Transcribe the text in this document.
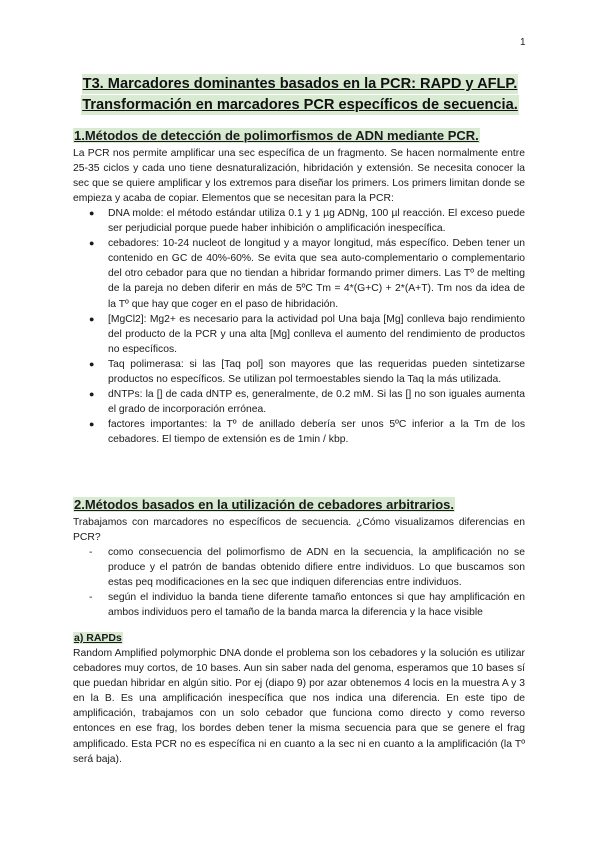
1
T3. Marcadores dominantes basados en la PCR: RAPD y AFLP.
Transformación en marcadores PCR específicos de secuencia.
1.Métodos de detección de polimorfismos de ADN mediante PCR.

La PCR nos permite amplificar una sec específica de un fragmento. Se hacen normalmente entre 25-35 ciclos y cada uno tiene desnaturalización, hibridación y extensión. Se necesita conocer la sec que se quiere amplificar y los extremos para diseñar los primers. Los primers limitan donde se empieza y acaba de copiar. Elementos que se necesitan para la PCR:

● DNA molde: el método estándar utiliza 0.1 y 1 µg ADNg, 100 µl reacción. El exceso puede ser perjudicial porque puede haber inhibición o amplificación inespecífica.
● cebadores: 10-24 nucleot de longitud y a mayor longitud, más específico. Deben tener un contenido en GC de 40%-60%. Se evita que sea auto-complementario o complementario del otro cebador para que no tiendan a hibridar formando primer dimers. Las Tº de melting de la pareja no deben diferir en más de 5ºC Tm = 4*(G+C) + 2*(A+T). Tm nos da idea de la Tº que hay que coger en el paso de hibridación.
● [MgCl2]: Mg2+ es necesario para la actividad pol Una baja [Mg] conlleva bajo rendimiento del producto de la PCR y una alta [Mg] conlleva el aumento del rendimiento de productos no específicos.
● Taq polimerasa: si las [Taq pol] son mayores que las requeridas pueden sintetizarse productos no específicos. Se utilizan pol termoestables siendo la Taq la más utilizada.
● dNTPs: la [] de cada dNTP es, generalmente, de 0.2 mM. Si las [] no son iguales aumenta el grado de incorporación errónea.
● factores importantes: la Tº de anillado debería ser unos 5ºC inferior a la Tm de los cebadores. El tiempo de extensión es de 1min / kbp.
2.Métodos basados en la utilización de cebadores arbitrarios.

Trabajamos con marcadores no específicos de secuencia. ¿Cómo visualizamos diferencias en PCR?

- como consecuencia del polimorfismo de ADN en la secuencia, la amplificación no se produce y el patrón de bandas obtenido difiere entre individuos. Lo que buscamos son estas peq modificaciones en la sec que indiquen diferencias entre individuos.
- según el individuo la banda tiene diferente tamaño entonces si que hay amplificación en ambos individuos pero el tamaño de la banda marca la diferencia y la hace visible
a) RAPDs

Random Amplified polymorphic DNA donde el problema son los cebadores y la solución es utilizar cebadores muy cortos, de 10 bases. Aun sin saber nada del genoma, esperamos que 10 bases sí que puedan hibridar en algún sitio. Por ej (diapo 9) por azar obtenemos 4 locis en la muestra A y 3 en la B. Es una amplificación inespecífica que nos indica una diferencia. En este tipo de amplificación, trabajamos con un solo cebador que funciona como directo y como reverso entonces en ese frag, los bordes deben tener la misma secuencia para que se genere el frag amplificado. Esta PCR no es específica ni en cuanto a la sec ni en cuanto a la amplificación (la Tº será baja).
